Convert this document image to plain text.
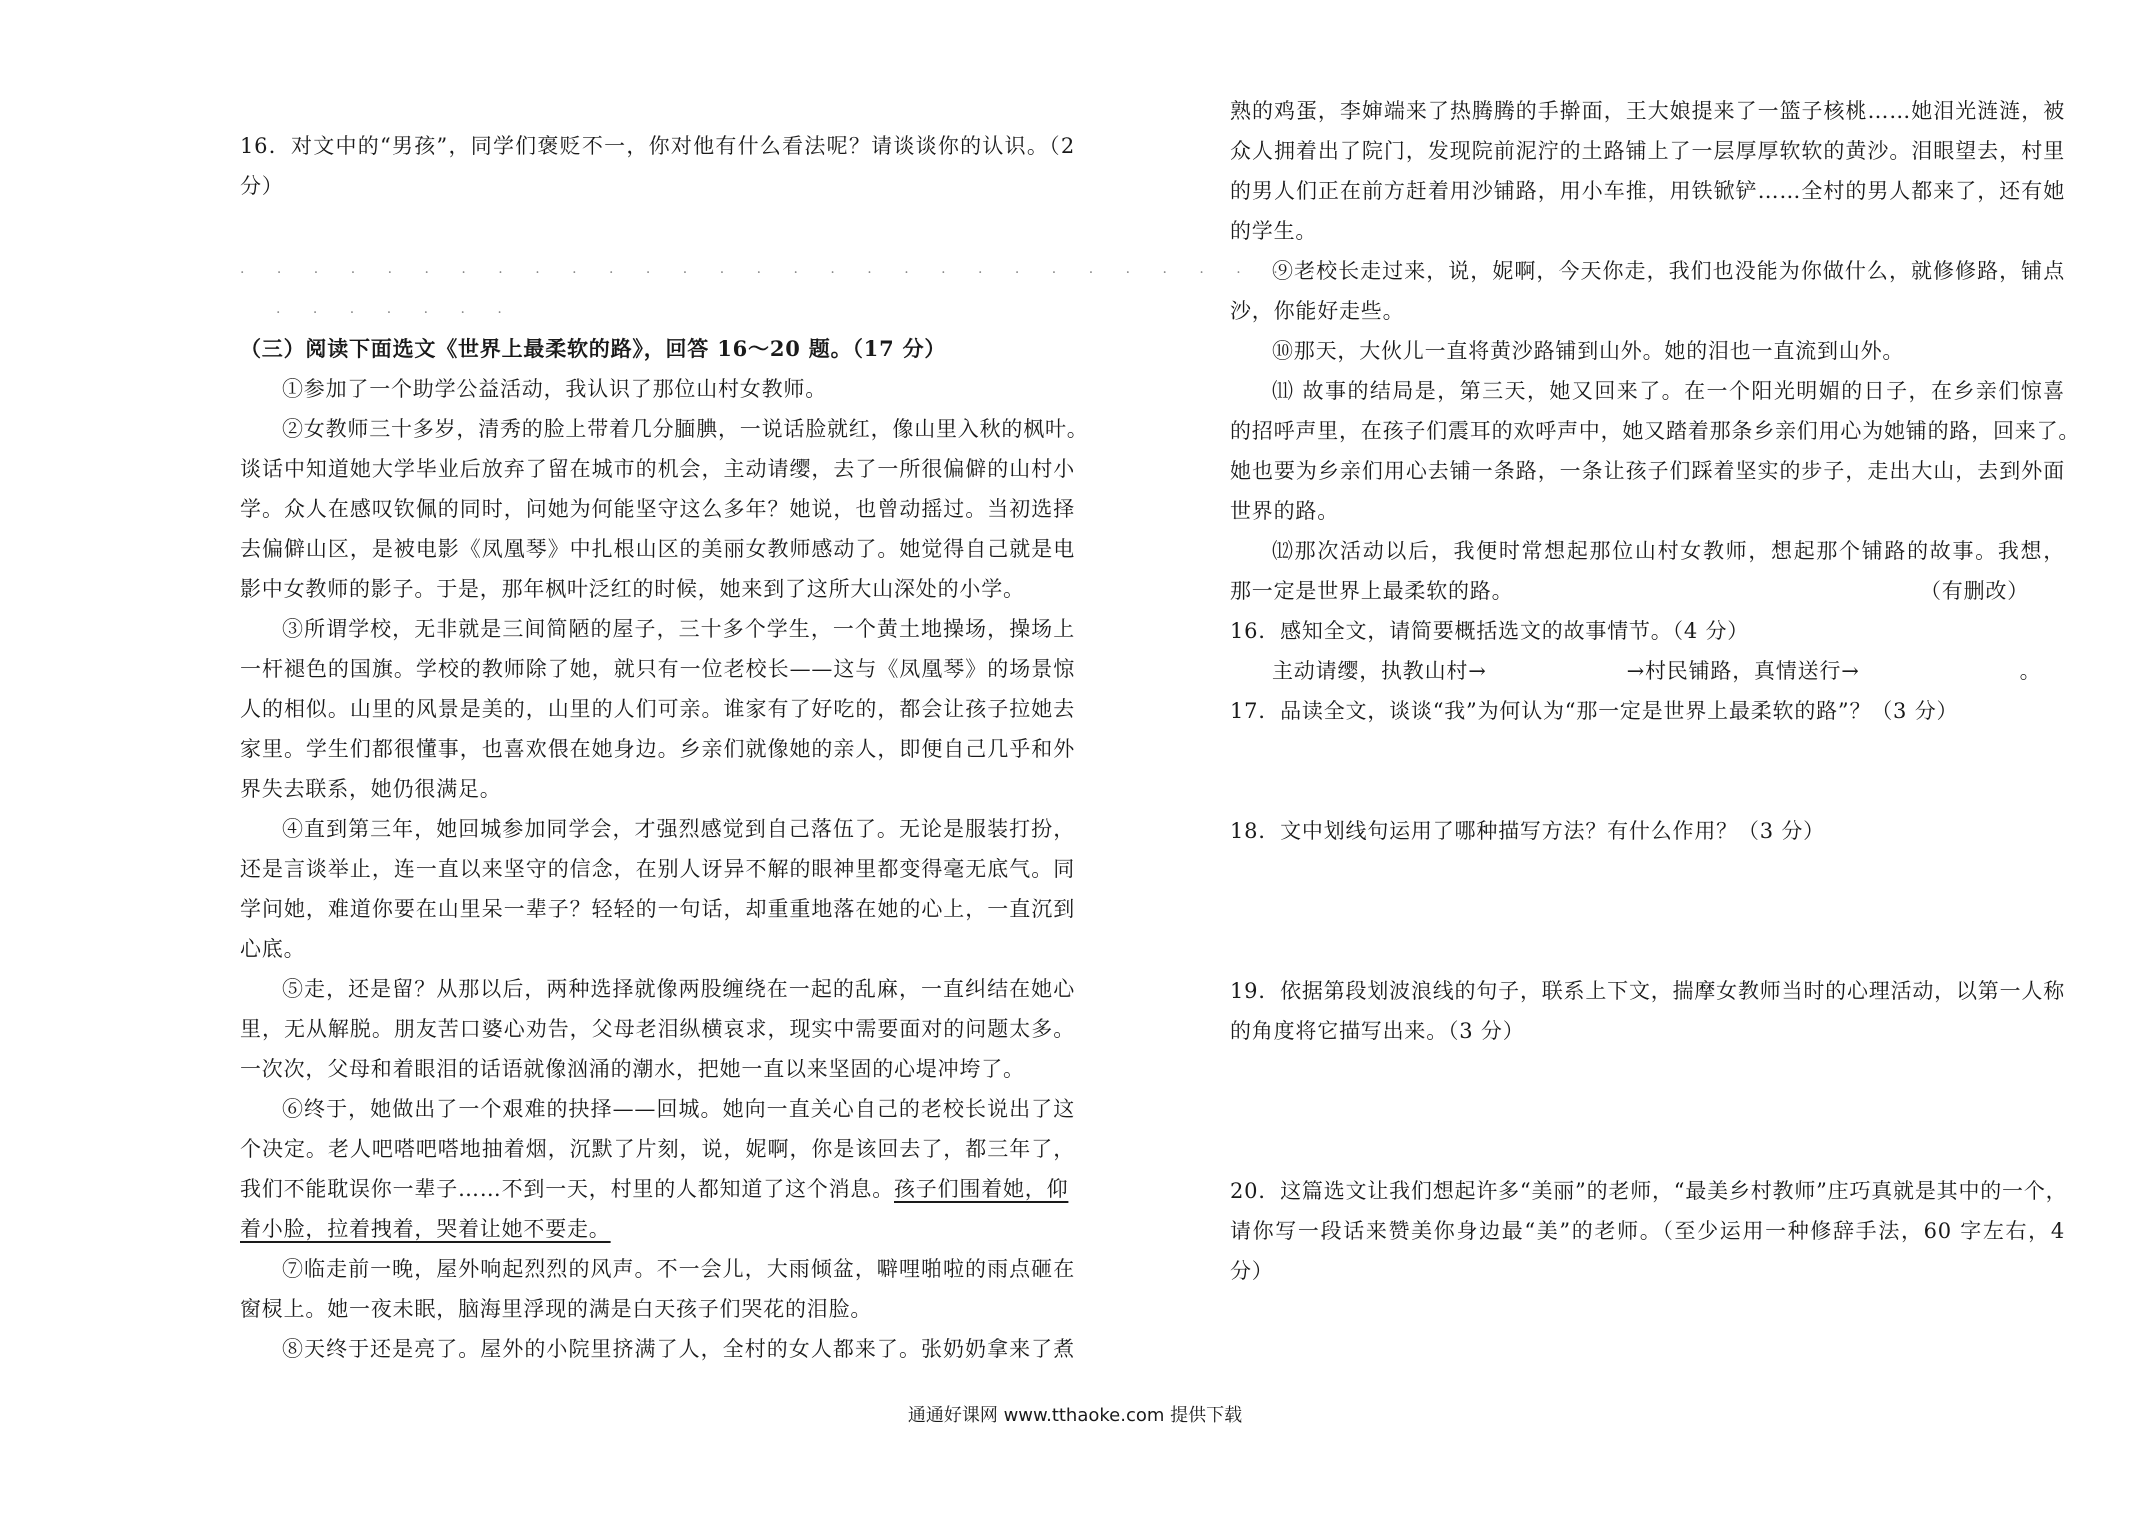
16．对文中的“男孩”，同学们褒贬不一，你对他有什么看法呢？请谈谈你的认识。（2
分）
· · · · · · · · · · · · · · · · · · · · · · · · · · · · · ·
· · · · · · ·
（三）阅读下面选文《世界上最柔软的路》，回答 16～20 题。（17 分）
①参加了一个助学公益活动，我认识了那位山村女教师。
②女教师三十多岁，清秀的脸上带着几分腼腆，一说话脸就红，像山里入秋的枫叶。
谈话中知道她大学毕业后放弃了留在城市的机会，主动请缨，去了一所很偏僻的山村小
学。众人在感叹钦佩的同时，问她为何能坚守这么多年？她说，也曾动摇过。当初选择
去偏僻山区，是被电影《凤凰琴》中扎根山区的美丽女教师感动了。她觉得自己就是电
影中女教师的影子。于是，那年枫叶泛红的时候，她来到了这所大山深处的小学。
③所谓学校，无非就是三间简陋的屋子，三十多个学生，一个黄土地操场，操场上
一杆褪色的国旗。学校的教师除了她，就只有一位老校长——这与《凤凰琴》的场景惊
人的相似。山里的风景是美的，山里的人们可亲。谁家有了好吃的，都会让孩子拉她去
家里。学生们都很懂事，也喜欢偎在她身边。乡亲们就像她的亲人，即便自己几乎和外
界失去联系，她仍很满足。
④直到第三年，她回城参加同学会，才强烈感觉到自己落伍了。无论是服装打扮，
还是言谈举止，连一直以来坚守的信念，在别人讶异不解的眼神里都变得毫无底气。同
学问她，难道你要在山里呆一辈子？轻轻的一句话，却重重地落在她的心上，一直沉到
心底。
⑤走，还是留？从那以后，两种选择就像两股缠绕在一起的乱麻，一直纠结在她心
里，无从解脱。朋友苦口婆心劝告，父母老泪纵横哀求，现实中需要面对的问题太多。
一次次，父母和着眼泪的话语就像汹涌的潮水，把她一直以来坚固的心堤冲垮了。
⑥终于，她做出了一个艰难的抉择——回城。她向一直关心自己的老校长说出了这
个决定。老人吧嗒吧嗒地抽着烟，沉默了片刻，说，妮啊，你是该回去了，都三年了，
我们不能耽误你一辈子……不到一天，村里的人都知道了这个消息。孩子们围着她，仰
着小脸，拉着拽着，哭着让她不要走。
⑦临走前一晚，屋外响起烈烈的风声。不一会儿，大雨倾盆，噼哩啪啦的雨点砸在
窗棂上。她一夜未眠，脑海里浮现的满是白天孩子们哭花的泪脸。
⑧天终于还是亮了。屋外的小院里挤满了人，全村的女人都来了。张奶奶拿来了煮
熟的鸡蛋，李婶端来了热腾腾的手擀面，王大娘提来了一篮子核桃……她泪光涟涟，被
众人拥着出了院门，发现院前泥泞的土路铺上了一层厚厚软软的黄沙。泪眼望去，村里
的男人们正在前方赶着用沙铺路，用小车推，用铁锨铲……全村的男人都来了，还有她
的学生。
⑨老校长走过来，说，妮啊，今天你走，我们也没能为你做什么，就修修路，铺点
沙，你能好走些。
⑩那天，大伙儿一直将黄沙路铺到山外。她的泪也一直流到山外。
⑾ 故事的结局是，第三天，她又回来了。在一个阳光明媚的日子，在乡亲们惊喜
的招呼声里，在孩子们震耳的欢呼声中，她又踏着那条乡亲们用心为她铺的路，回来了。
她也要为乡亲们用心去铺一条路，一条让孩子们踩着坚实的步子，走出大山，去到外面
世界的路。
⑿那次活动以后，我便时常想起那位山村女教师，想起那个铺路的故事。我想，
那一定是世界上最柔软的路。	（有删改）
16．感知全文，请简要概括选文的故事情节。（4 分）
主动请缨，执教山村→	→村民铺路，真情送行→	。
17．品读全文，谈谈“我”为何认为“那一定是世界上最柔软的路”？（3 分）
18．文中划线句运用了哪种描写方法？有什么作用？（3 分）
19．依据第段划波浪线的句子，联系上下文，揣摩女教师当时的心理活动，以第一人称
的角度将它描写出来。（3 分）
20．这篇选文让我们想起许多“美丽”的老师，“最美乡村教师”庄巧真就是其中的一个，
请你写一段话来赞美你身边最“美”的老师。（至少运用一种修辞手法，60 字左右，4
分）
通通好课网 www.tthaoke.com 提供下载
